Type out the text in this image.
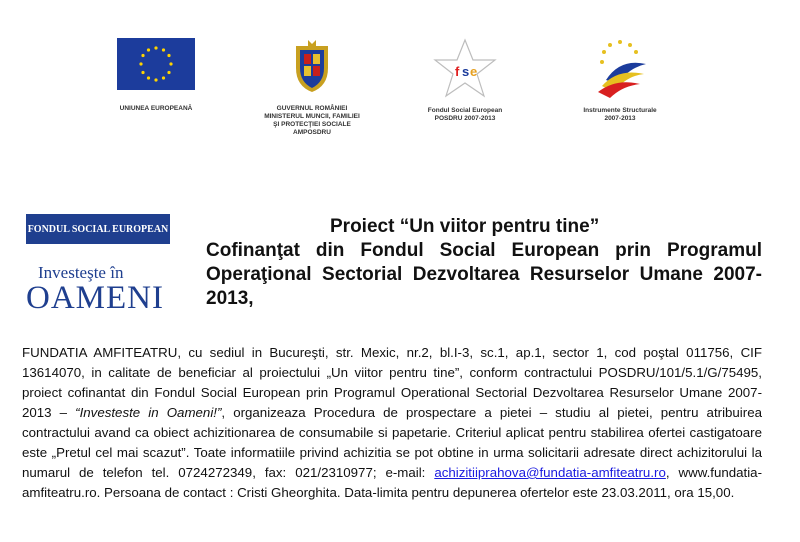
UNIUNEA EUROPEANĂ	GUVERNUL ROMÂNIEI
MINISTERUL MUNCII, FAMILIEI
ŞI PROTECŢIEI SOCIALE
AMPOSDRU
f s e
Fondul Social European
POSDRU 2007-2013
Instrumente Structurale
2007-2013
FONDUL SOCIAL EUROPEAN
Investeşte în
OAMENI
Proiect “Un viitor pentru tine”
Cofinanţat din Fondul Social European prin Programul Operaţional Sectorial Dezvoltarea Resurselor Umane 2007- 2013,
FUNDATIA AMFITEATRU, cu sediul in Bucureşti, str. Mexic, nr.2, bl.I-3, sc.1, ap.1, sector 1, cod poştal 011756, CIF 13614070, in calitate de beneficiar al proiectului „Un viitor pentru tine”, conform contractului POSDRU/101/5.1/G/75495, proiect cofinantat din Fondul Social European prin Programul Operational Sectorial Dezvoltarea Resurselor Umane 2007-2013 – “Investeste in Oameni!”, organizeaza Procedura de prospectare a pietei – studiu al pietei, pentru atribuirea contractului avand ca obiect achizitionarea de consumabile si papetarie. Criteriul aplicat pentru stabilirea ofertei castigatoare este „Pretul cel mai scazut”. Toate informatiile privind achizitia se pot obtine in urma solicitarii adresate direct achizitorului la numarul de telefon tel. 0724272349, fax: 021/2310977; e-mail: achizitiiprahova@fundatia-amfiteatru.ro, www.fundatia-amfiteatru.ro. Persoana de contact : Cristi Gheorghita. Data-limita pentru depunerea ofertelor este 23.03.2011, ora 15,00.
